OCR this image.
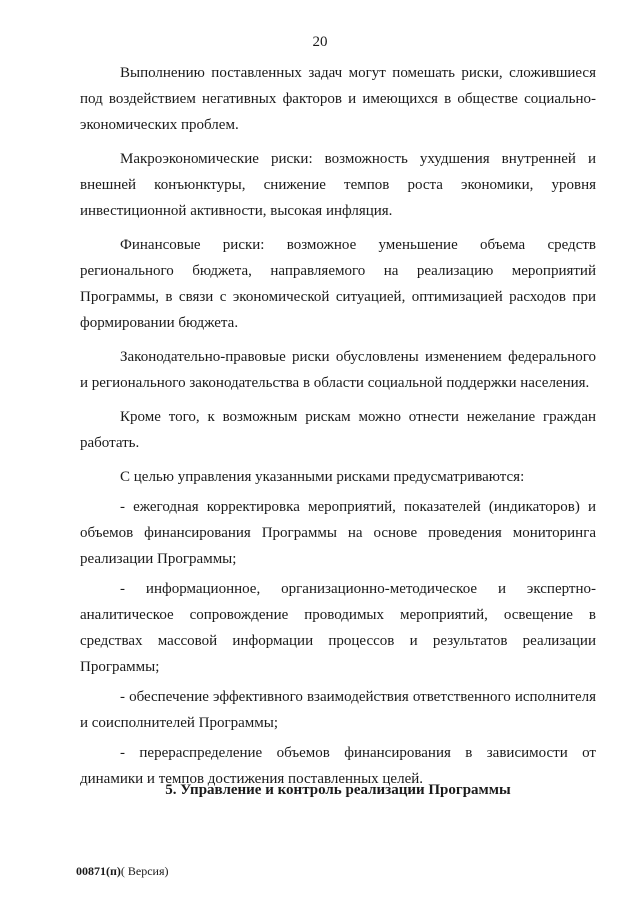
20

Выполнению поставленных задач могут помешать риски, сложившиеся под воздействием негативных факторов и имеющихся в обществе социально-экономических проблем.

Макроэкономические риски: возможность ухудшения внутренней и внешней конъюнктуры, снижение темпов роста экономики, уровня инвестиционной активности, высокая инфляция.

Финансовые риски: возможное уменьшение объема средств регионального бюджета, направляемого на реализацию мероприятий Программы, в связи с экономической ситуацией, оптимизацией расходов при формировании бюджета.

Законодательно-правовые риски обусловлены изменением федерального и регионального законодательства в области социальной поддержки населения.

Кроме того, к возможным рискам можно отнести нежелание граждан работать.

С целью управления указанными рисками предусматриваются:

- ежегодная корректировка мероприятий, показателей (индикаторов) и объемов финансирования Программы на основе проведения мониторинга реализации Программы;

- информационное, организационно-методическое и экспертно-аналитическое сопровождение проводимых мероприятий, освещение в средствах массовой информации процессов и результатов реализации Программы;

- обеспечение эффективного взаимодействия ответственного исполнителя и соисполнителей Программы;

- перераспределение объемов финансирования в зависимости от динамики и темпов достижения поставленных целей.

5. Управление и контроль реализации Программы
00871(п)( Версия)
